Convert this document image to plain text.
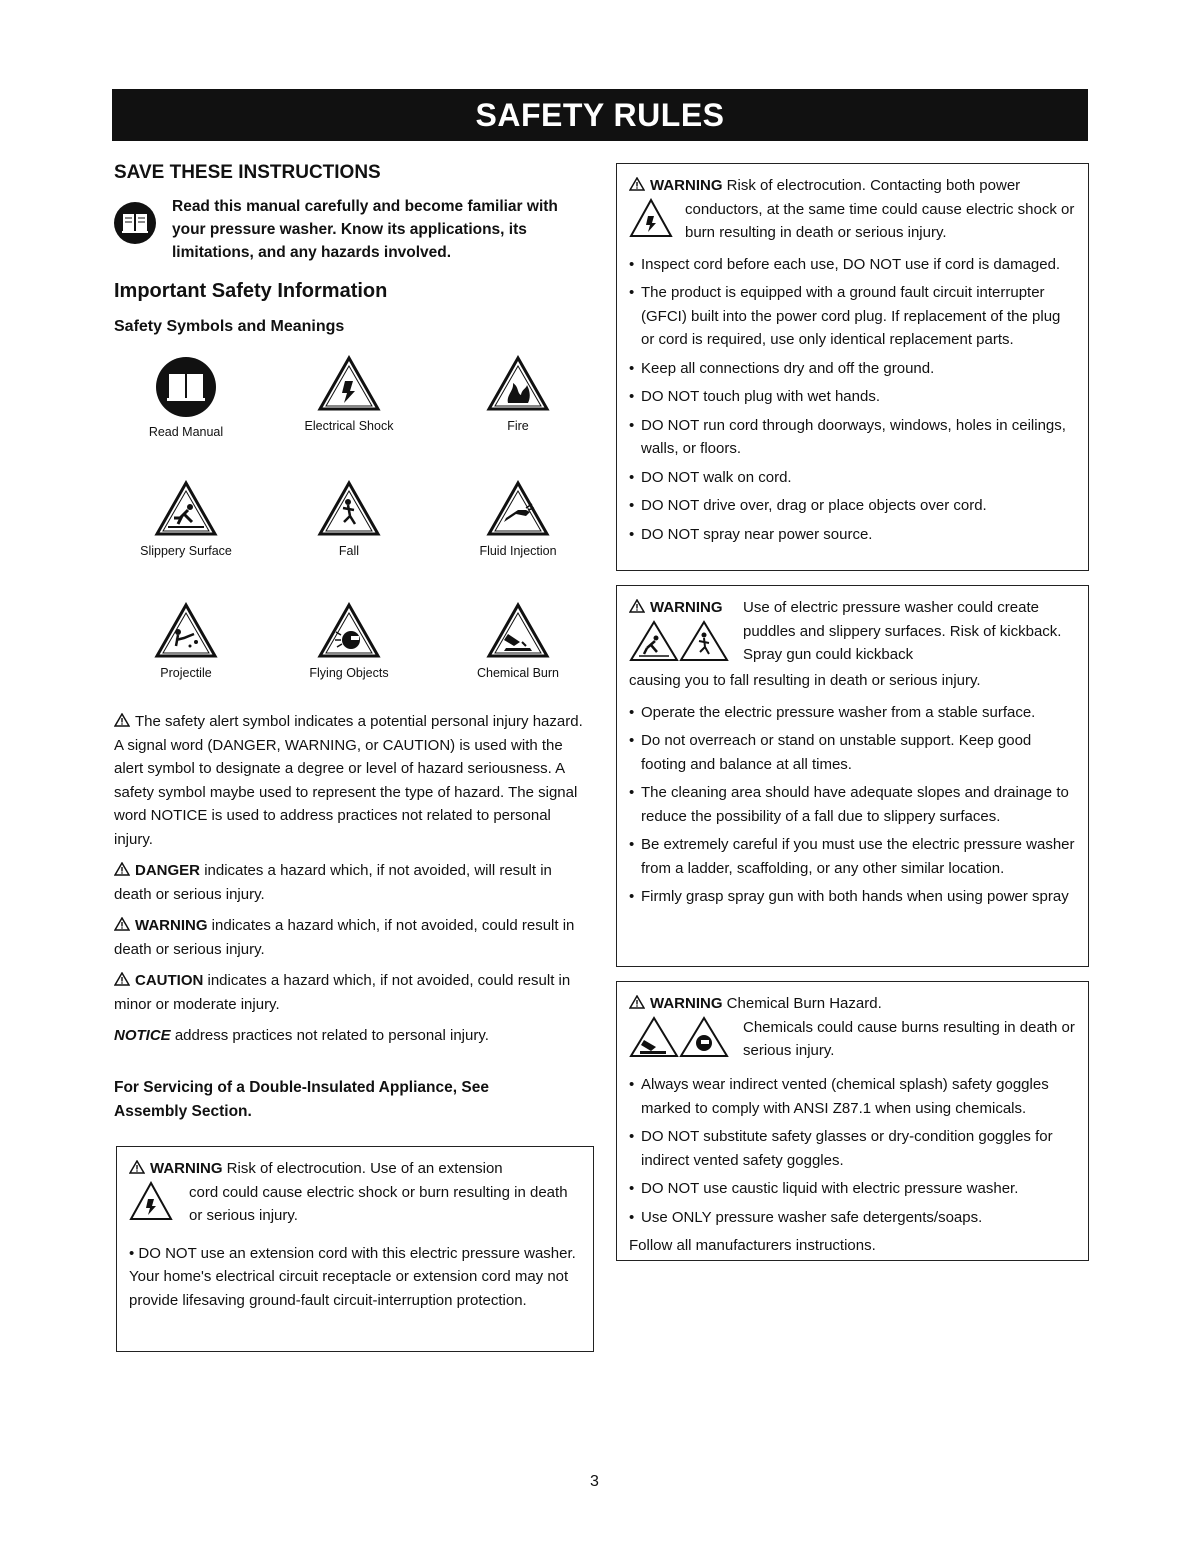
SAFETY RULES
SAVE THESE INSTRUCTIONS
Read this manual carefully and become familiar with your pressure washer. Know its applications, its limitations, and any hazards involved.
Important Safety Information
Safety Symbols and Meanings
Read Manual	Electrical Shock	Fire
Slippery Surface	Fall	Fluid Injection
Projectile	Flying Objects	Chemical Burn

The safety alert symbol indicates a potential personal injury hazard. A signal word (DANGER, WARNING, or CAUTION) is used with the alert symbol to designate a degree or level of hazard seriousness. A safety symbol maybe used to represent the type of hazard. The signal word NOTICE is used to address practices not related to personal injury.

DANGER indicates a hazard which, if not avoided, will result in death or serious injury.

WARNING indicates a hazard which, if not avoided, could result in death or serious injury.

CAUTION indicates a hazard which, if not avoided, could result in minor or moderate injury.

NOTICE address practices not related to personal injury.

For Servicing of a Double-Insulated Appliance, See Assembly Section.
WARNING Risk of electrocution. Use of an extension
cord could cause electric shock or burn resulting in death or serious injury.
• DO NOT use an extension cord with this electric pressure washer. Your home's electrical circuit receptacle or extension cord may not provide lifesaving ground-fault circuit-interruption protection.
WARNING Risk of electrocution. Contacting both power
conductors, at the same time could cause electric shock or burn resulting in death or serious injury.
• Inspect cord before each use, DO NOT use if cord is damaged.
• The product is equipped with a ground fault circuit interrupter (GFCI) built into the power cord plug. If replacement of the plug or cord is required, use only identical replacement parts.
• Keep all connections dry and off the ground.
• DO NOT touch plug with wet hands.
• DO NOT run cord through doorways, windows, holes in ceilings, walls, or floors.
• DO NOT walk on cord.
• DO NOT drive over, drag or place objects over cord.
• DO NOT spray near power source.
WARNING	Use of electric pressure washer could create puddles and slippery surfaces. Risk of kickback. Spray gun could kickback
causing you to fall resulting in death or serious injury.
• Operate the electric pressure washer from a stable surface.
• Do not overreach or stand on unstable support. Keep good footing and balance at all times.
• The cleaning area should have adequate slopes and drainage to reduce the possibility of a fall due to slippery surfaces.
• Be extremely careful if you must use the electric pressure washer from a ladder, scaffolding, or any other similar location.
• Firmly grasp spray gun with both hands when using power spray
WARNING Chemical Burn Hazard.
Chemicals could cause burns resulting in death or serious injury.
• Always wear indirect vented (chemical splash) safety goggles marked to comply with ANSI Z87.1 when using chemicals.
• DO NOT substitute safety glasses or dry-condition goggles for indirect vented safety goggles.
• DO NOT use caustic liquid with electric pressure washer.
• Use ONLY pressure washer safe detergents/soaps.
Follow all manufacturers instructions.
3
